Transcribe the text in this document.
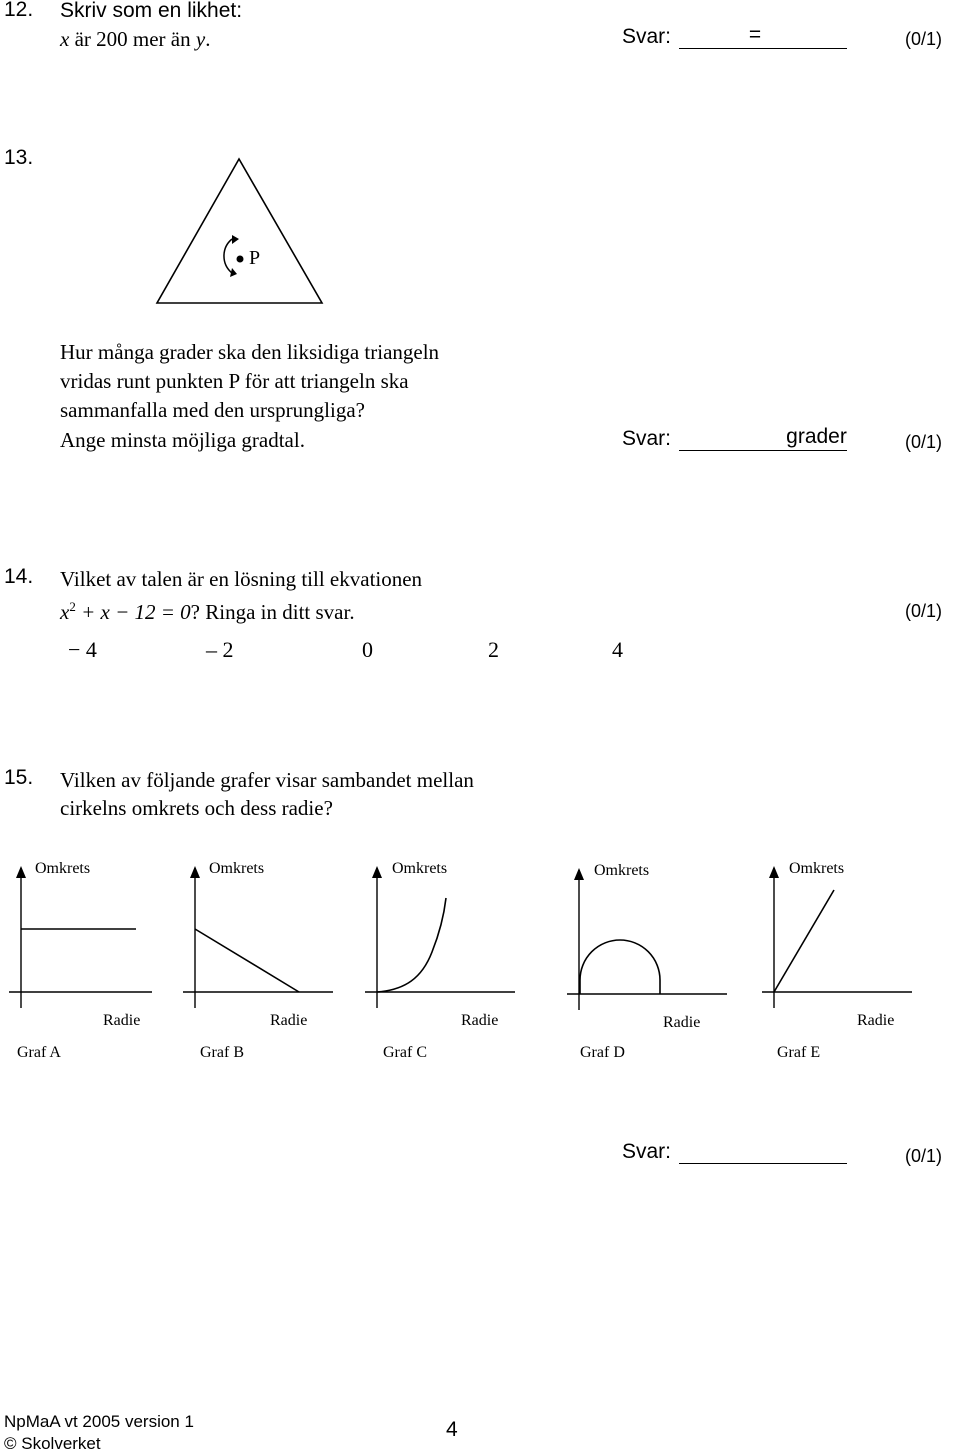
12. Skriv som en likhet:
x är 200 mer än y.	Svar:	=	(0/1)
13.
P
Hur många grader ska den liksidiga triangeln
vridas runt punkten P för att triangeln ska
sammanfalla med den ursprungliga?
Ange minsta möjliga gradtal.	Svar:	grader	(0/1)
14. Vilket av talen är en lösning till ekvationen
$x^2 + x - 12 = 0$? Ringa in ditt svar.	(0/1)
− 4	– 2	0	2	4
15. Vilken av följande grafer visar sambandet mellan
cirkelns omkrets och dess radie?
Omkrets
Radie
Graf A
Omkrets
Radie
Graf B
Omkrets
Radie
Graf C
Omkrets
Radie
Graf D
Omkrets
Radie
Graf E
Svar:	(0/1)
NpMaA vt 2005 version 1
© Skolverket
4
